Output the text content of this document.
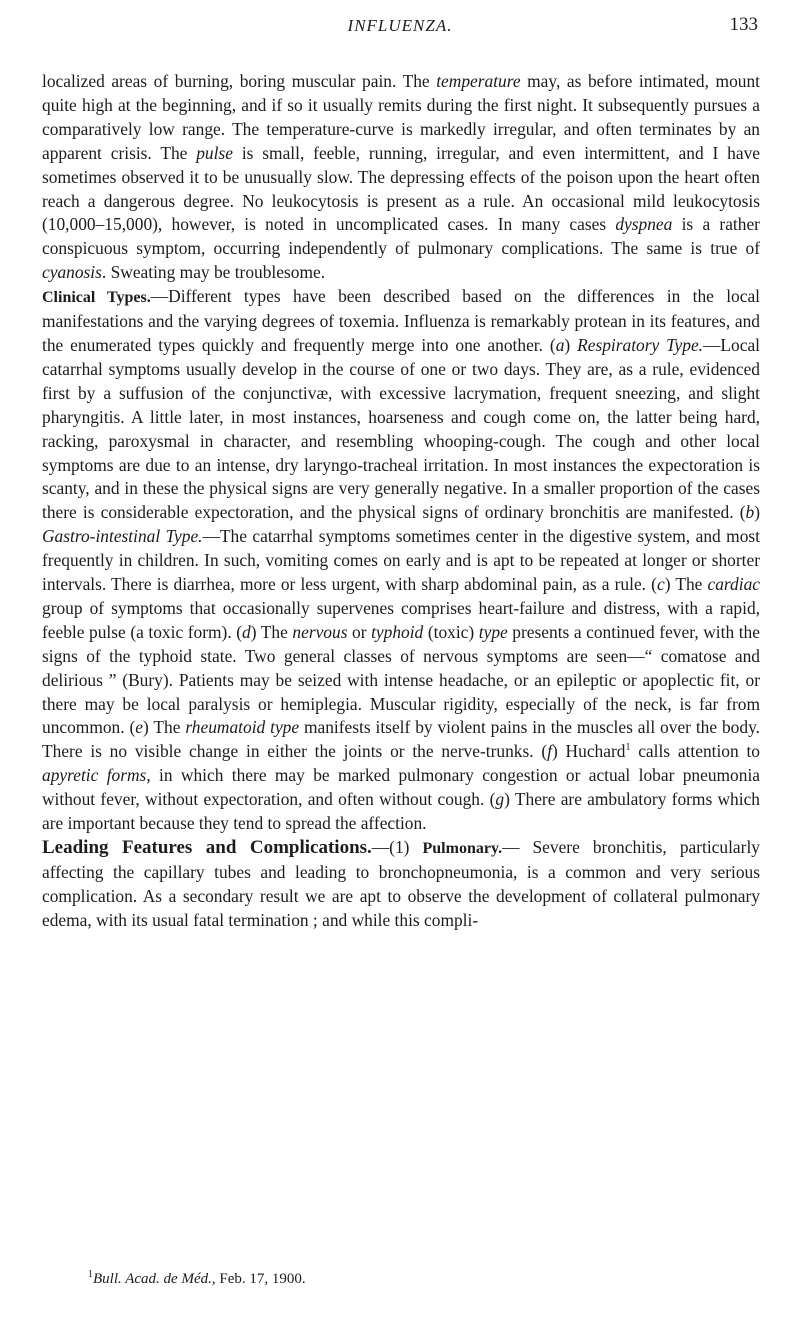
INFLUENZA.	133

localized areas of burning, boring muscular pain. The temperature may, as before intimated, mount quite high at the beginning, and if so it usually remits during the first night. It subsequently pursues a comparatively low range. The temperature-curve is markedly irregular, and often terminates by an apparent crisis. The pulse is small, feeble, running, irregular, and even intermittent, and I have sometimes observed it to be unusually slow. The depressing effects of the poison upon the heart often reach a dangerous degree. No leukocytosis is present as a rule. An occasional mild leukocytosis (10,000–15,000), however, is noted in uncomplicated cases. In many cases dyspnea is a rather conspicuous symptom, occurring independently of pulmonary complications. The same is true of cyanosis. Sweating may be troublesome.

Clinical Types.—Different types have been described based on the differences in the local manifestations and the varying degrees of toxemia. Influenza is remarkably protean in its features, and the enumerated types quickly and frequently merge into one another. (a) Respiratory Type.—Local catarrhal symptoms usually develop in the course of one or two days. They are, as a rule, evidenced first by a suffusion of the conjunctivæ, with excessive lacrymation, frequent sneezing, and slight pharyngitis. A little later, in most instances, hoarseness and cough come on, the latter being hard, racking, paroxysmal in character, and resembling whooping-cough. The cough and other local symptoms are due to an intense, dry laryngo-tracheal irritation. In most instances the expectoration is scanty, and in these the physical signs are very generally negative. In a smaller proportion of the cases there is considerable expectoration, and the physical signs of ordinary bronchitis are manifested. (b) Gastro-intestinal Type.—The catarrhal symptoms sometimes center in the digestive system, and most frequently in children. In such, vomiting comes on early and is apt to be repeated at longer or shorter intervals. There is diarrhea, more or less urgent, with sharp abdominal pain, as a rule. (c) The cardiac group of symptoms that occasionally supervenes comprises heart-failure and distress, with a rapid, feeble pulse (a toxic form). (d) The nervous or typhoid (toxic) type presents a continued fever, with the signs of the typhoid state. Two general classes of nervous symptoms are seen—“ comatose and delirious ” (Bury). Patients may be seized with intense headache, or an epileptic or apoplectic fit, or there may be local paralysis or hemiplegia. Muscular rigidity, especially of the neck, is far from uncommon. (e) The rheumatoid type manifests itself by violent pains in the muscles all over the body. There is no visible change in either the joints or the nerve-trunks. (f) Huchard$^1$ calls attention to apyretic forms, in which there may be marked pulmonary congestion or actual lobar pneumonia without fever, without expectoration, and often without cough. (g) There are ambulatory forms which are important because they tend to spread the affection.

Leading Features and Complications.—(1) Pulmonary.— Severe bronchitis, particularly affecting the capillary tubes and leading to bronchopneumonia, is a common and very serious complication. As a secondary result we are apt to observe the development of collateral pulmonary edema, with its usual fatal termination ; and while this compli-

$^1$Bull. Acad. de Méd., Feb. 17, 1900.
